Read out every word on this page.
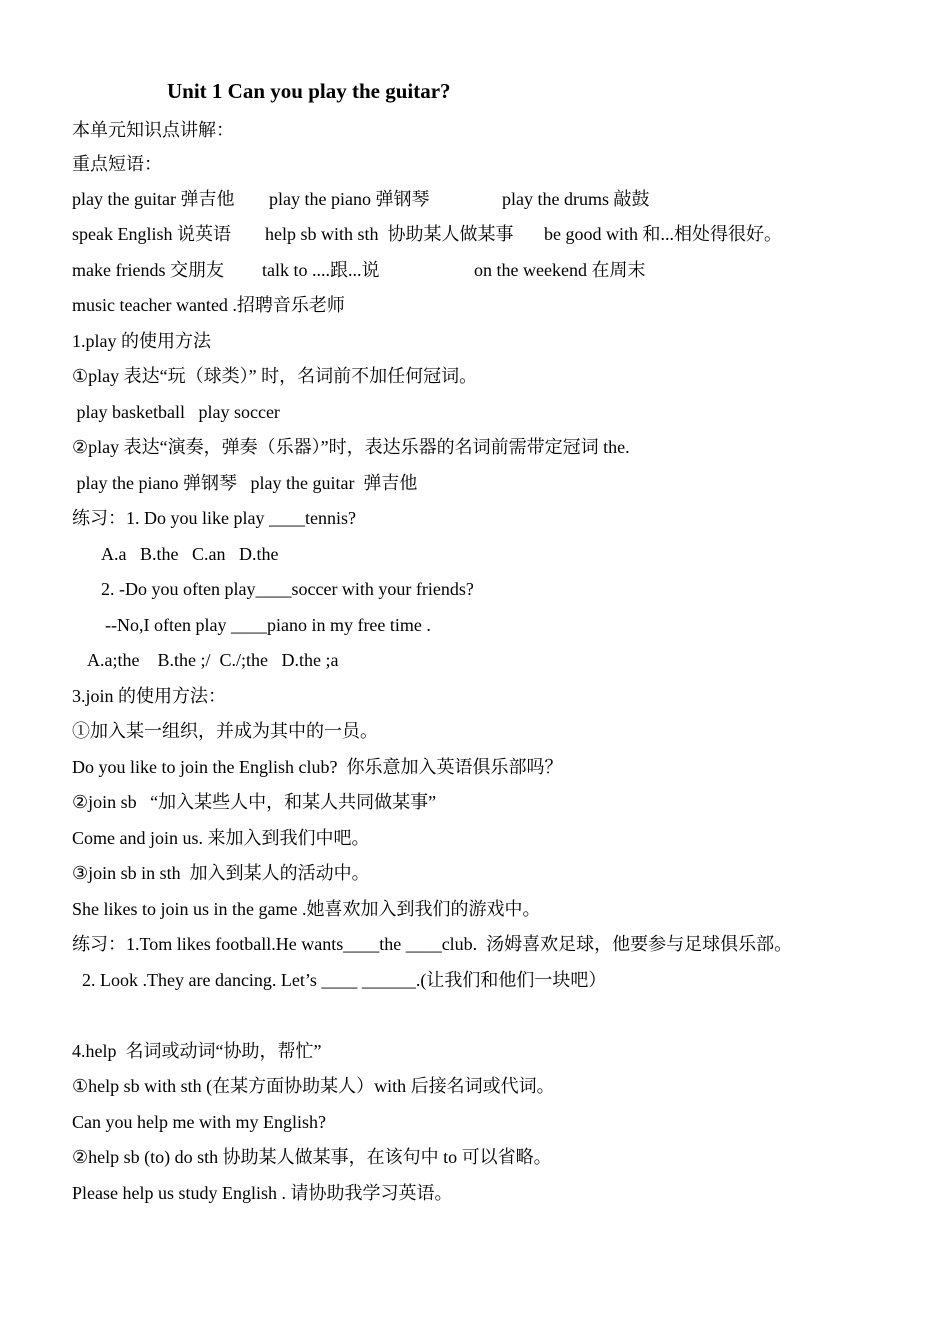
Unit 1 Can you play the guitar?
本单元知识点讲解：
重点短语：

play the guitar 弹吉他

play the piano 弹钢琴

	play the drums 敲鼓

speak English 说英语

help sb with sth  协助某人做某事

be good with 和...相处得很好。

make friends 交朋友

talk to ....跟...说

	on the weekend 在周末

music teacher wanted .招聘音乐老师
1.play 的使用方法
①play 表达“玩（球类）” 时，名词前不加任何冠词。
play basketball   play soccer
②play 表达“演奏，弹奏（乐器）”时，表达乐器的名词前需带定冠词 the.
play the piano 弹钢琴   play the guitar  弹吉他
练习：1. Do you like play ____tennis?
A.a   B.the   C.an   D.the
2. -Do you often play____soccer with your friends?
--No,I often play ____piano in my free time .
A.a;the    B.the ;/  C./;the   D.the ;a
3.join 的使用方法：
①加入某一组织，并成为其中的一员。
Do you like to join the English club?  你乐意加入英语俱乐部吗？
②join sb   “加入某些人中，和某人共同做某事”
Come and join us. 来加入到我们中吧。
③join sb in sth  加入到某人的活动中。
She likes to join us in the game .她喜欢加入到我们的游戏中。
练习：1.Tom likes football.He wants____the ____club.  汤姆喜欢足球，他要参与足球俱乐部。
2. Look .They are dancing. Let’s ____ ______.(让我们和他们一块吧）
4.help  名词或动词“协助，帮忙”
①help sb with sth (在某方面协助某人）with 后接名词或代词。
Can you help me with my English?
②help sb (to) do sth 协助某人做某事，在该句中 to 可以省略。
Please help us study English . 请协助我学习英语。
